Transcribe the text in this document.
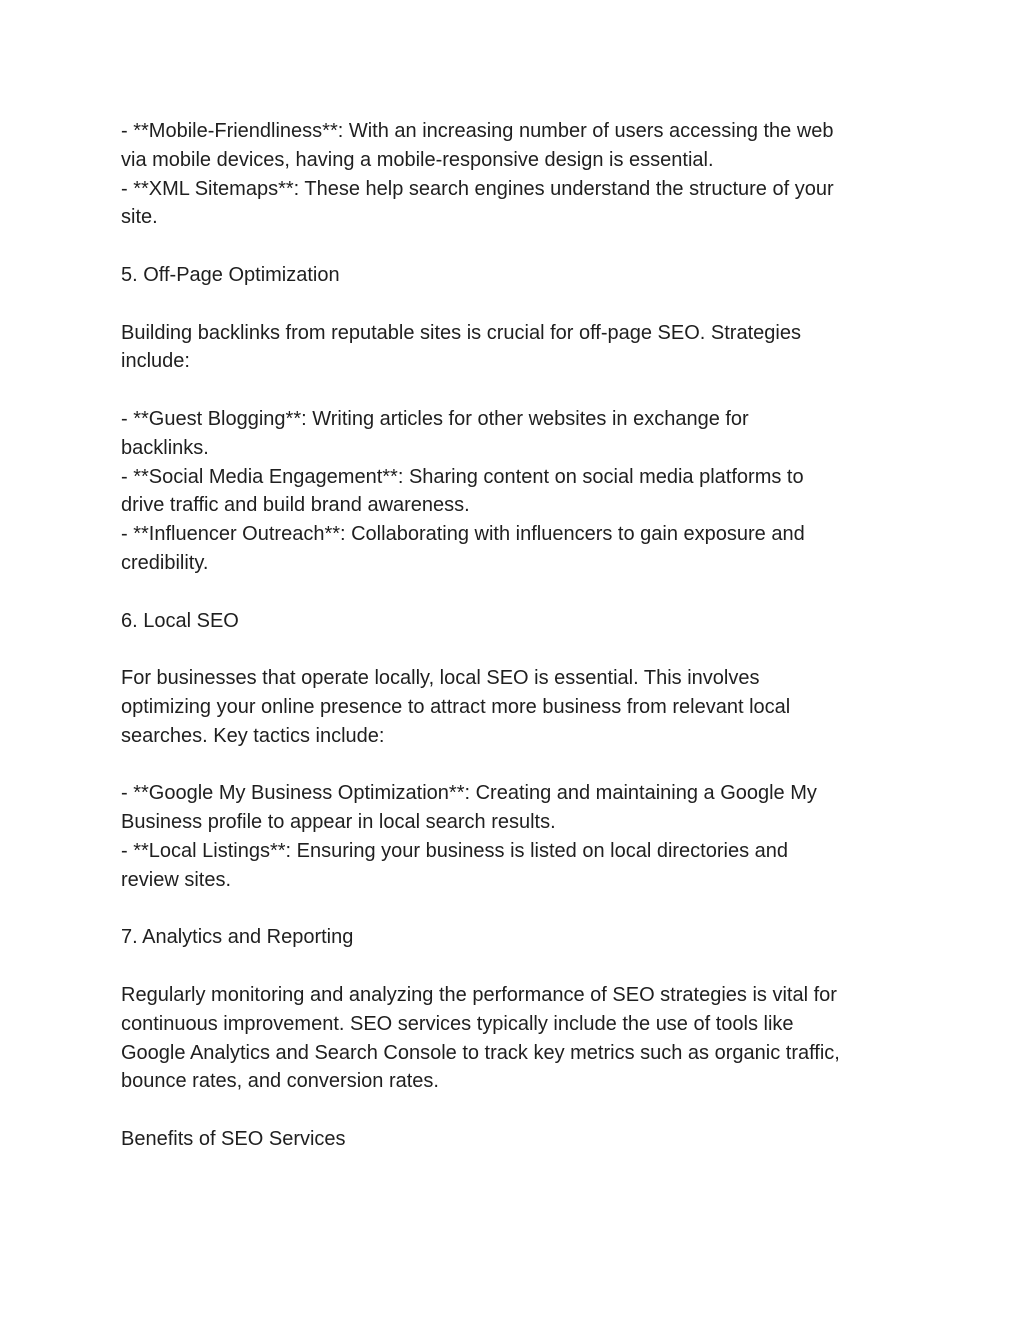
- **Mobile-Friendliness**: With an increasing number of users accessing the web
via mobile devices, having a mobile-responsive design is essential.
- **XML Sitemaps**: These help search engines understand the structure of your
site.
5. Off-Page Optimization
Building backlinks from reputable sites is crucial for off-page SEO. Strategies
include:
- **Guest Blogging**: Writing articles for other websites in exchange for
backlinks.
- **Social Media Engagement**: Sharing content on social media platforms to
drive traffic and build brand awareness.
- **Influencer Outreach**: Collaborating with influencers to gain exposure and
credibility.
6. Local SEO
For businesses that operate locally, local SEO is essential. This involves
optimizing your online presence to attract more business from relevant local
searches. Key tactics include:
- **Google My Business Optimization**: Creating and maintaining a Google My
Business profile to appear in local search results.
- **Local Listings**: Ensuring your business is listed on local directories and
review sites.
7. Analytics and Reporting
Regularly monitoring and analyzing the performance of SEO strategies is vital for
continuous improvement. SEO services typically include the use of tools like
Google Analytics and Search Console to track key metrics such as organic traffic,
bounce rates, and conversion rates.
Benefits of SEO Services
